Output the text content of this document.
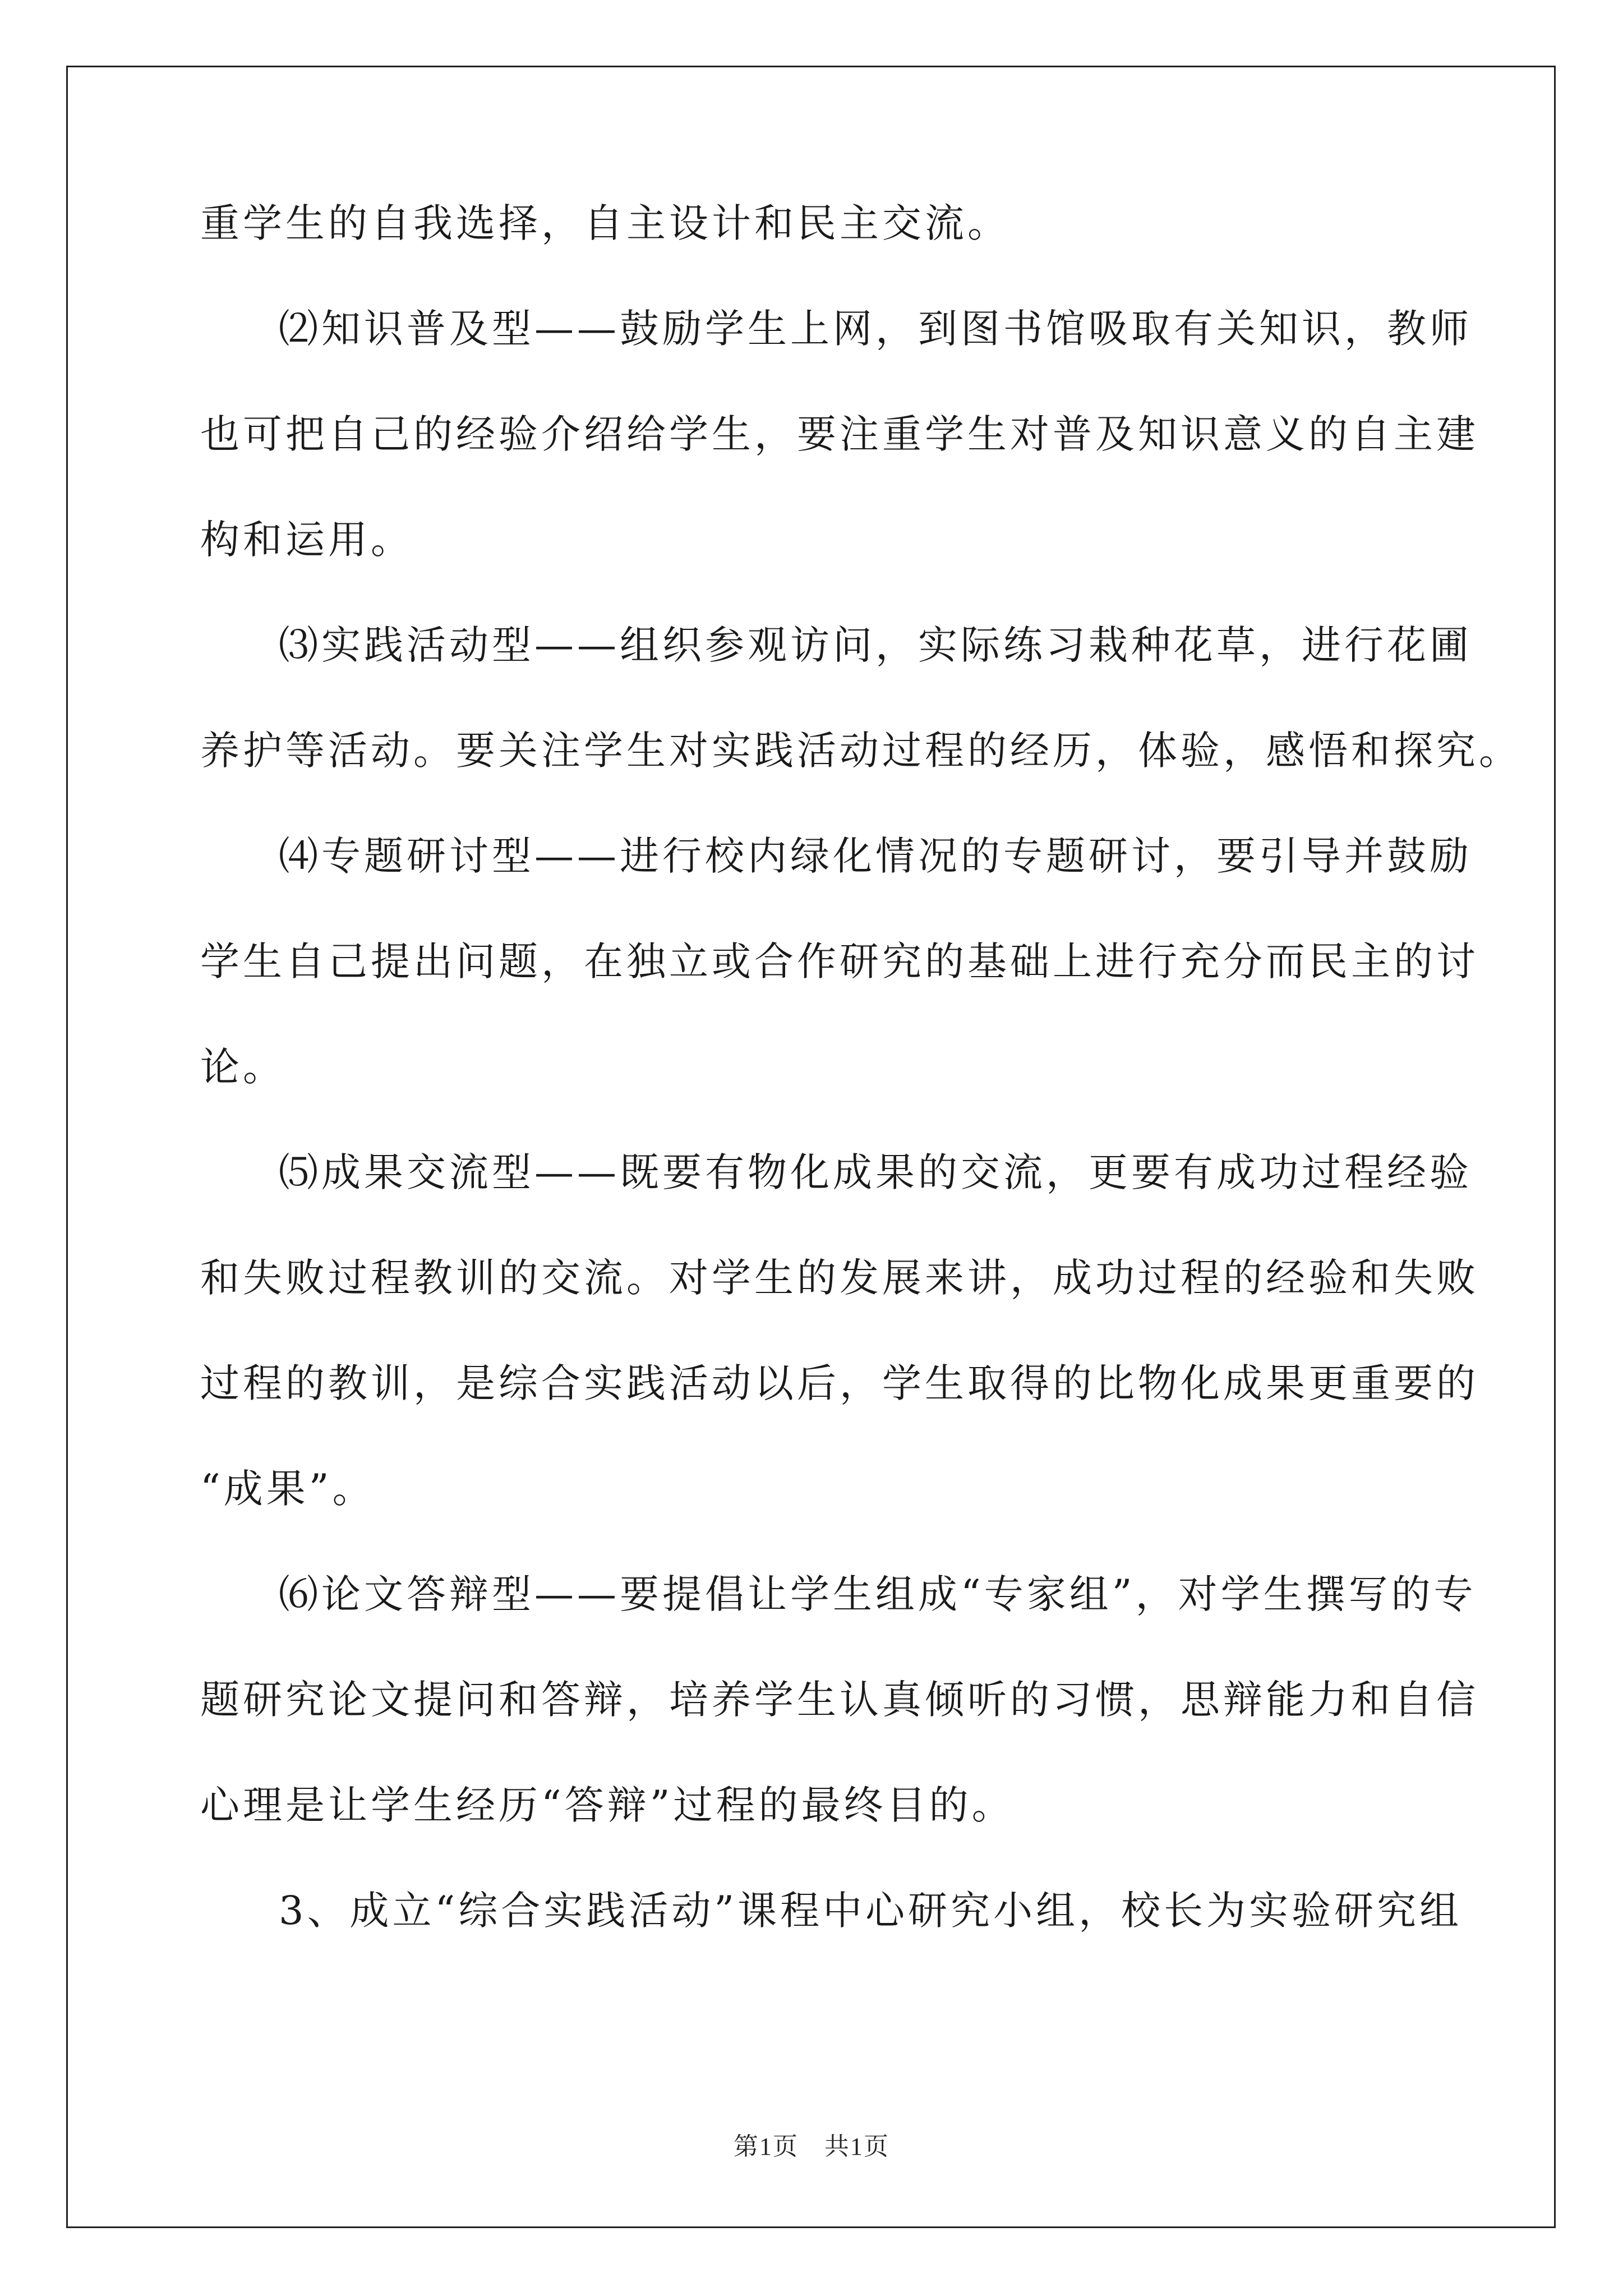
重学生的自我选择，自主设计和民主交流。
⑵知识普及型——鼓励学生上网，到图书馆吸取有关知识，教师
也可把自己的经验介绍给学生，要注重学生对普及知识意义的自主建
构和运用。
⑶实践活动型——组织参观访问，实际练习栽种花草，进行花圃
养护等活动。要关注学生对实践活动过程的经历，体验，感悟和探究。
⑷专题研讨型——进行校内绿化情况的专题研讨，要引导并鼓励
学生自己提出问题，在独立或合作研究的基础上进行充分而民主的讨
论。
⑸成果交流型——既要有物化成果的交流，更要有成功过程经验
和失败过程教训的交流。对学生的发展来讲，成功过程的经验和失败
过程的教训，是综合实践活动以后，学生取得的比物化成果更重要的
“成果”。
⑹论文答辩型——要提倡让学生组成“专家组”，对学生撰写的专
题研究论文提问和答辩，培养学生认真倾听的习惯，思辩能力和自信
心理是让学生经历“答辩”过程的最终目的。
3、成立“综合实践活动”课程中心研究小组，校长为实验研究组
第1页　共1页
